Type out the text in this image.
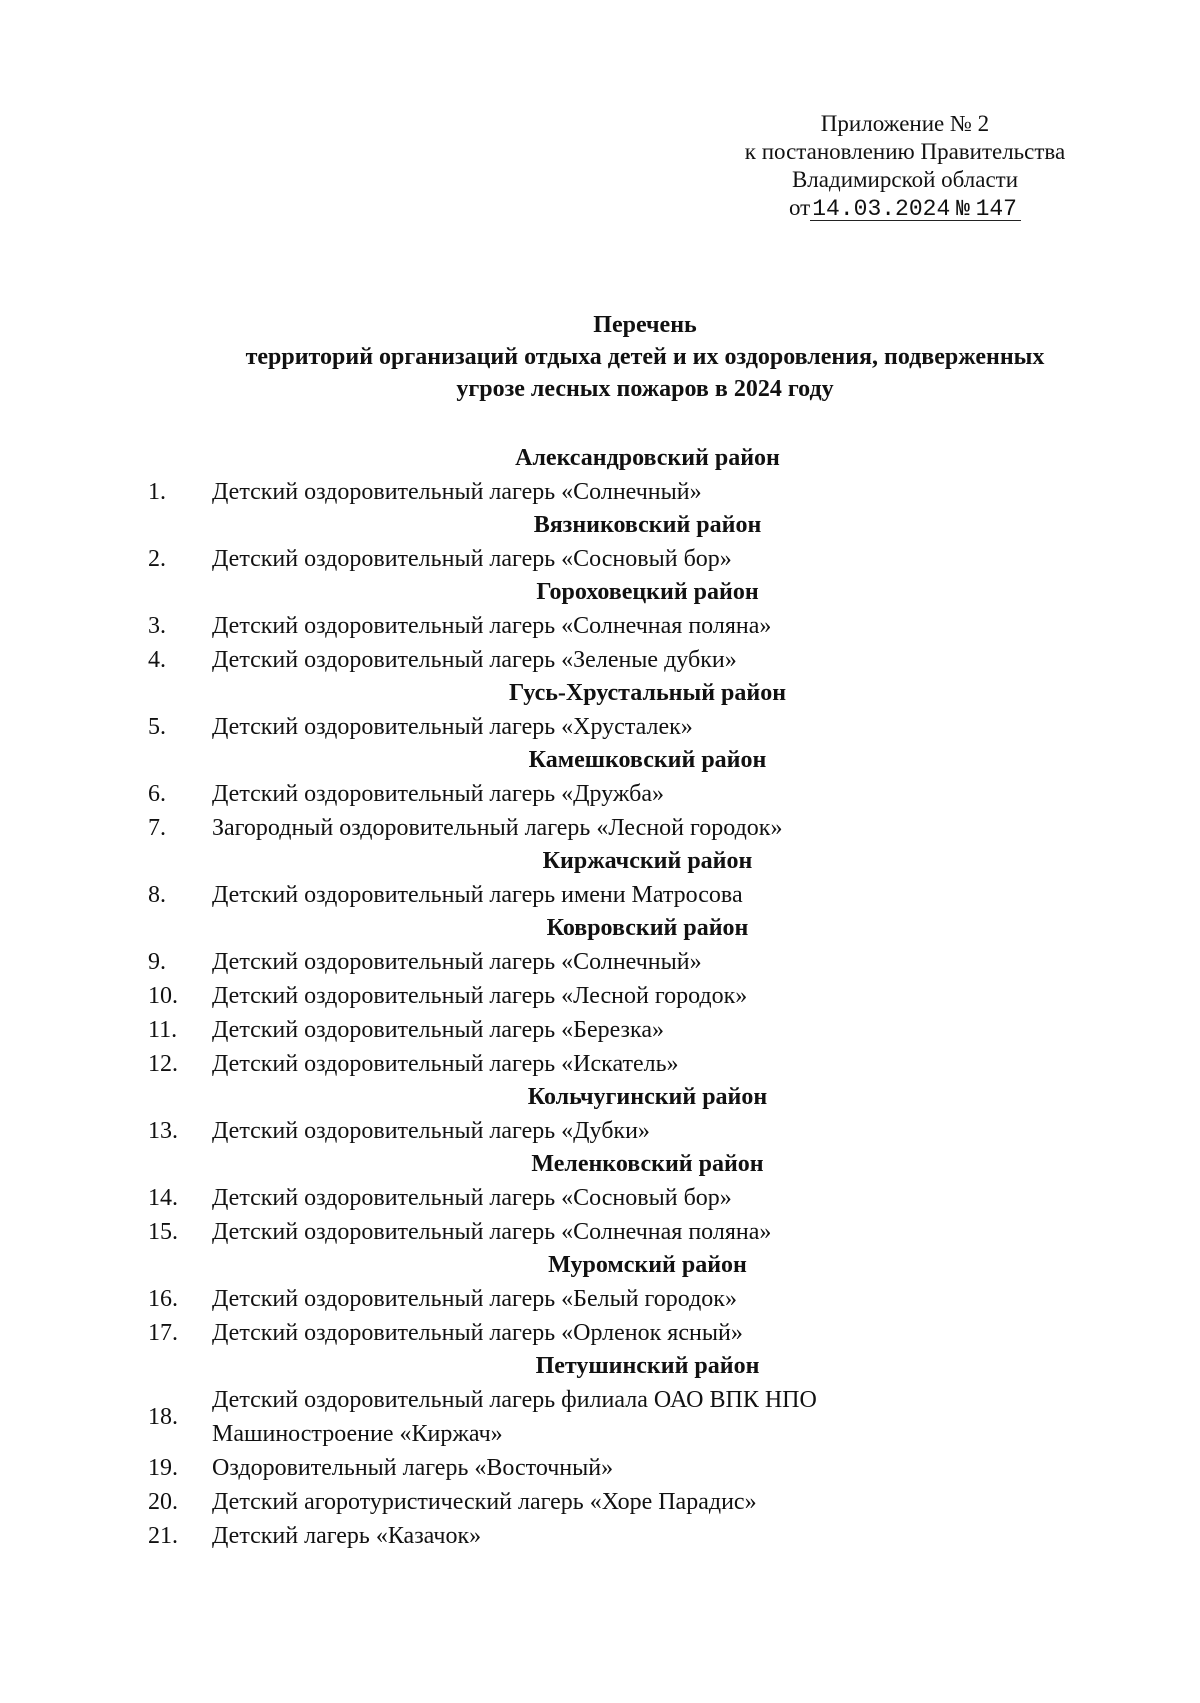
Приложение № 2
к постановлению Правительства
Владимирской области
от14.03.2024 № 147
Перечень
территорий организаций отдыха детей и их оздоровления, подверженных
угрозе лесных пожаров в 2024 году
Александровский район
1. Детский оздоровительный лагерь «Солнечный»
Вязниковский район
2. Детский оздоровительный лагерь «Сосновый бор»
Гороховецкий район
3. Детский оздоровительный лагерь «Солнечная поляна»
4. Детский оздоровительный лагерь «Зеленые дубки»
Гусь-Хрустальный район
5. Детский оздоровительный лагерь «Хрусталек»
Камешковский район
6. Детский оздоровительный лагерь «Дружба»
7. Загородный оздоровительный лагерь «Лесной городок»
Киржачский район
8. Детский оздоровительный лагерь имени Матросова
Ковровский район
9. Детский оздоровительный лагерь «Солнечный»
10. Детский оздоровительный лагерь «Лесной городок»
11. Детский оздоровительный лагерь «Березка»
12. Детский оздоровительный лагерь «Искатель»
Кольчугинский район
13. Детский оздоровительный лагерь «Дубки»
Меленковский район
14. Детский оздоровительный лагерь «Сосновый бор»
15. Детский оздоровительный лагерь «Солнечная поляна»
Муромский район
16. Детский оздоровительный лагерь «Белый городок»
17. Детский оздоровительный лагерь «Орленок ясный»
Петушинский район
18.
Детский оздоровительный лагерь филиала ОАО ВПК НПО
Машиностроение «Киржач»
19. Оздоровительный лагерь «Восточный»
20. Детский агоротуристический лагерь «Хоре Парадис»
21. Детский лагерь «Казачок»
